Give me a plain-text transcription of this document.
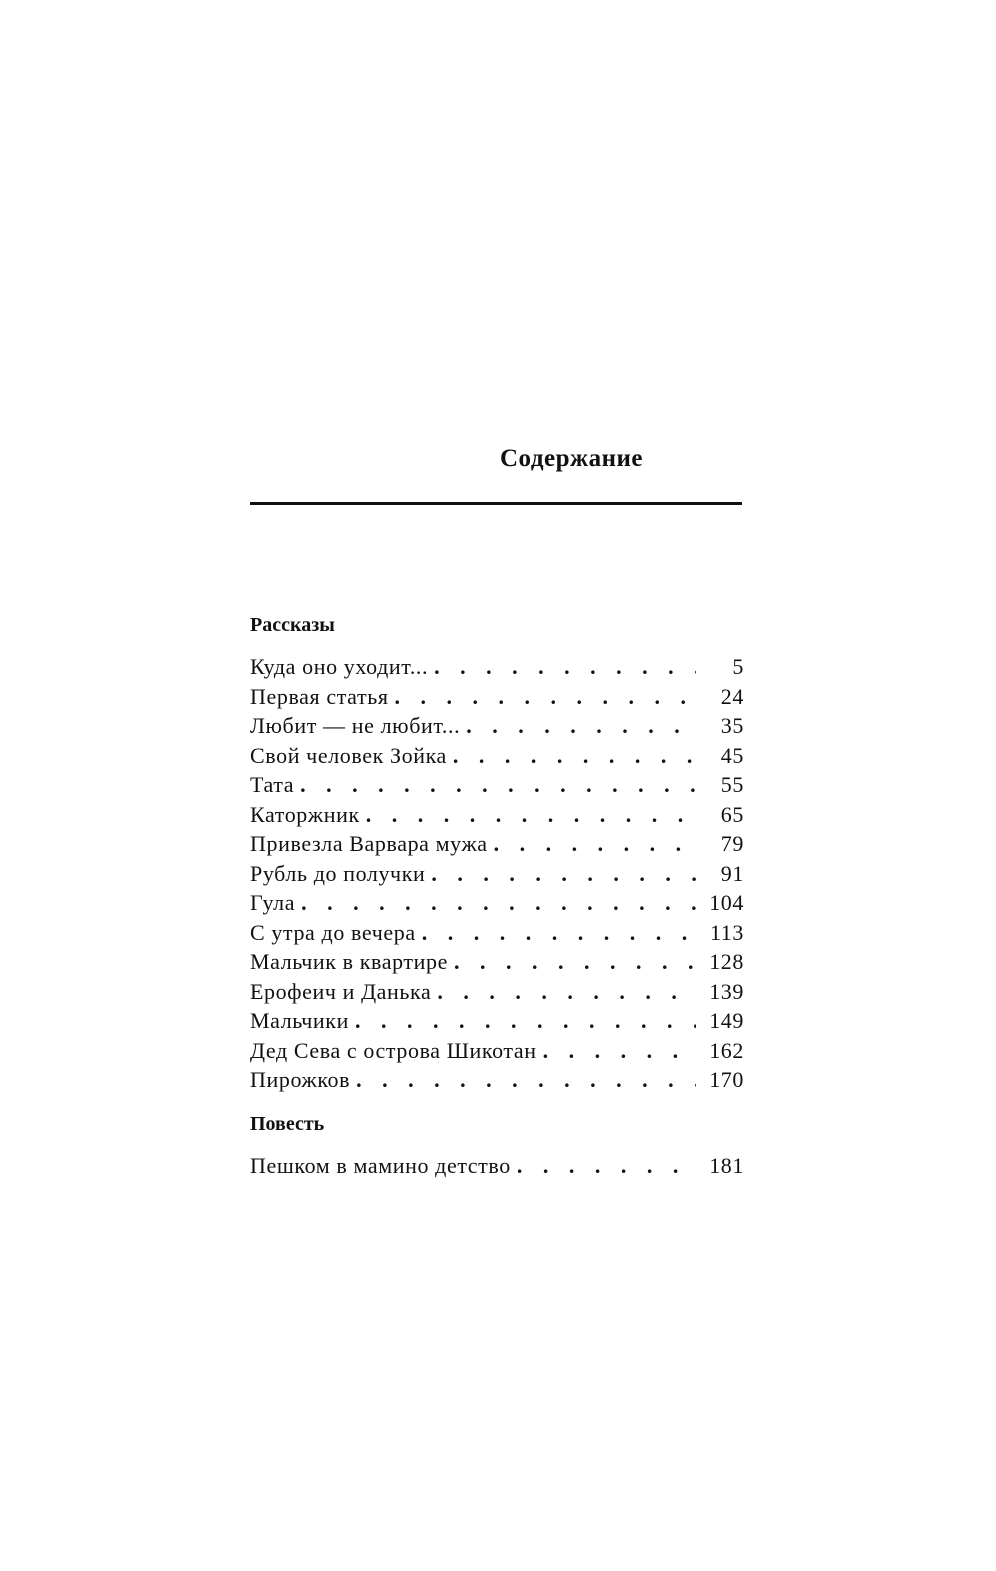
Содержание
Рассказы
Куда оно уходит... . . .	5
Первая статья . . .	24
Любит — не любит... . . .	35
Свой человек Зойка . . .	45
Тата . . .	55
Каторжник . . .	65
Привезла Варвара мужа . . .	79
Рубль до получки . . .	91
Гула . . .	104
С утра до вечера . . .	113
Мальчик в квартире . . .	128
Ерофеич и Данька . . .	139
Мальчики . . .	149
Дед Сева с острова Шикотан . . .	162
Пирожков . . .	170
Повесть
Пешком в мамино детство . . .	181
